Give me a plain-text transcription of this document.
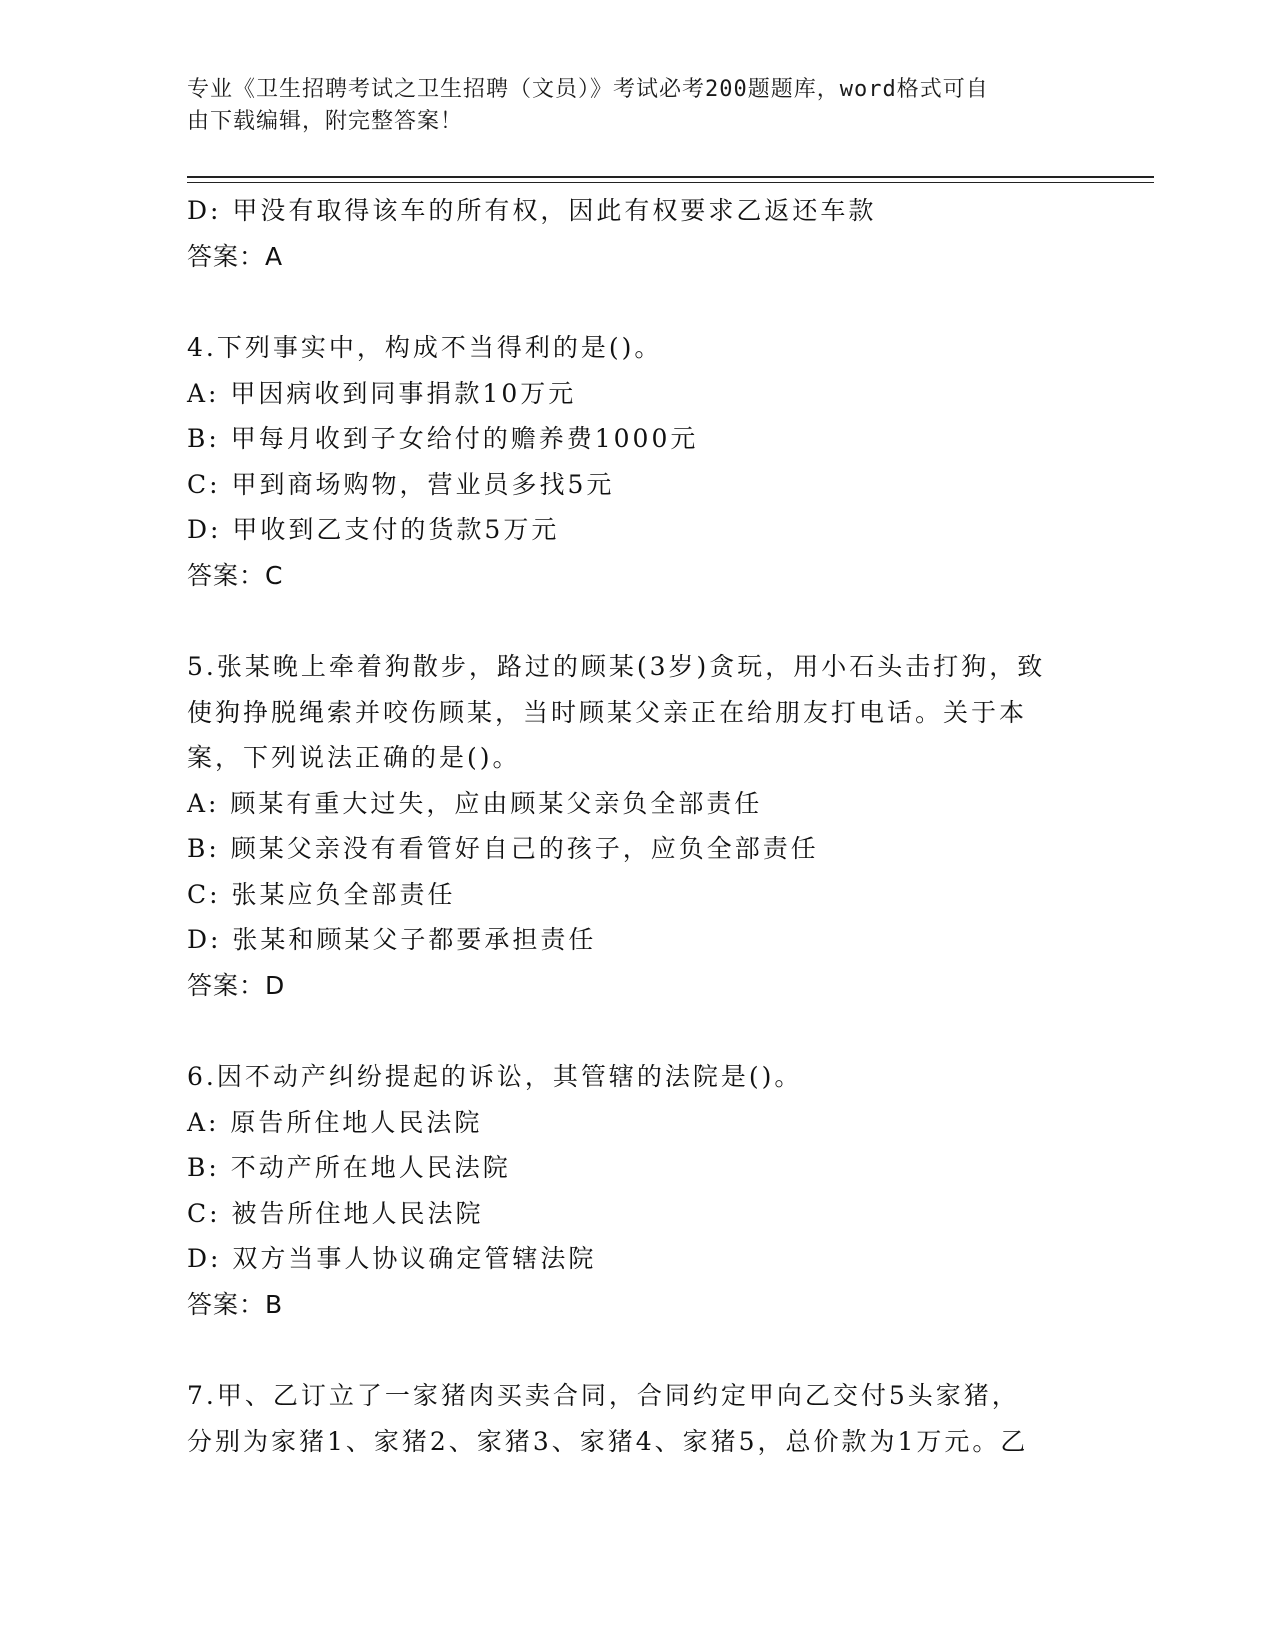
专业《卫生招聘考试之卫生招聘（文员）》考试必考200题题库，word格式可自
由下载编辑，附完整答案！
D: 甲没有取得该车的所有权，因此有权要求乙返还车款
答案：A
4.下列事实中，构成不当得利的是()。
A: 甲因病收到同事捐款10万元
B: 甲每月收到子女给付的赡养费1000元
C: 甲到商场购物，营业员多找5元
D: 甲收到乙支付的货款5万元
答案：C
5.张某晚上牵着狗散步，路过的顾某(3岁)贪玩，用小石头击打狗，致
使狗挣脱绳索并咬伤顾某，当时顾某父亲正在给朋友打电话。关于本
案，下列说法正确的是()。
A: 顾某有重大过失，应由顾某父亲负全部责任
B: 顾某父亲没有看管好自己的孩子，应负全部责任
C: 张某应负全部责任
D: 张某和顾某父子都要承担责任
答案：D
6.因不动产纠纷提起的诉讼，其管辖的法院是()。
A: 原告所住地人民法院
B: 不动产所在地人民法院
C: 被告所住地人民法院
D: 双方当事人协议确定管辖法院
答案：B
7.甲、乙订立了一家猪肉买卖合同，合同约定甲向乙交付5头家猪，
分别为家猪1、家猪2、家猪3、家猪4、家猪5，总价款为1万元。乙
